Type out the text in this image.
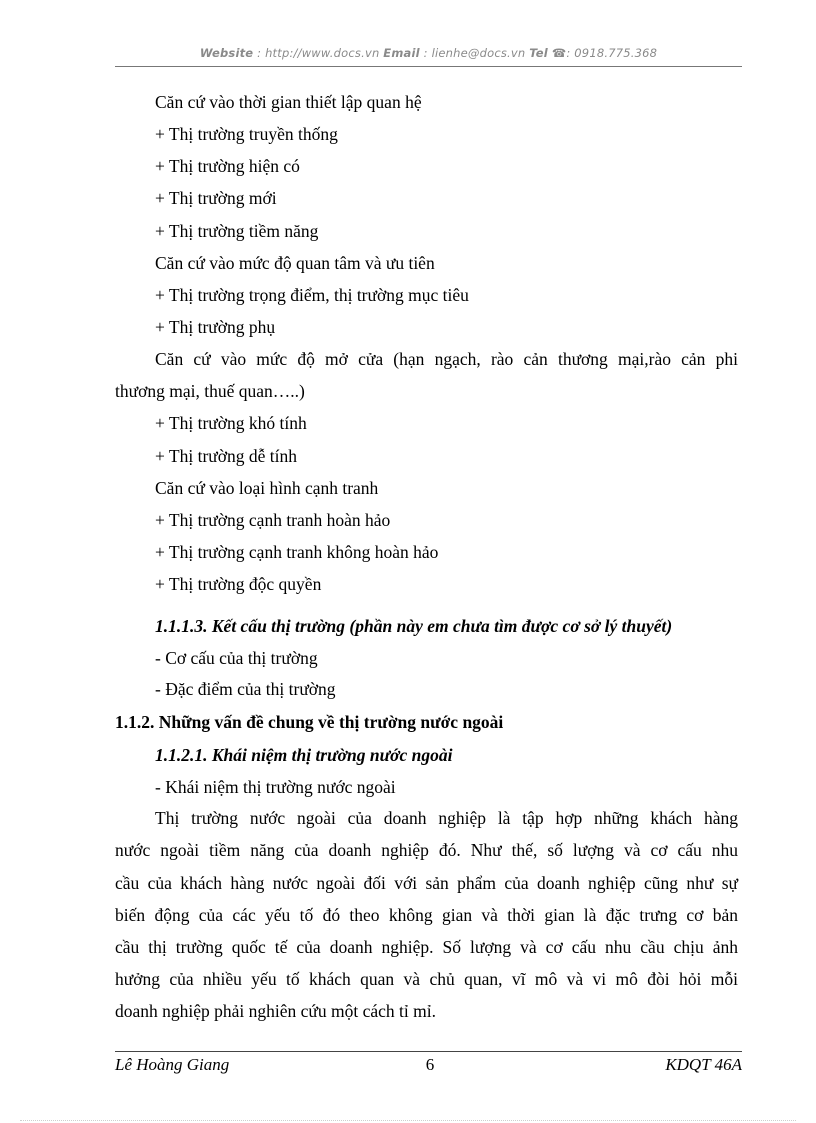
Website : http://www.docs.vn Email : lienhe@docs.vn Tel ☎: 0918.775.368
Căn cứ vào thời gian thiết lập quan hệ
+ Thị trường truyền thống
+ Thị trường hiện có
+ Thị trường mới
+ Thị trường tiềm năng
Căn cứ vào mức độ quan tâm và ưu tiên
+ Thị trường trọng điểm, thị trường mục tiêu
+ Thị trường phụ
Căn cứ vào mức độ mở cửa (hạn ngạch, rào cản thương mại,rào cản phi
thương mại, thuế quan…..)
+ Thị trường khó tính
+ Thị trường dễ tính
Căn cứ vào loại hình cạnh tranh
+ Thị trường cạnh tranh hoàn hảo
+ Thị trường cạnh tranh không hoàn hảo
+ Thị trường độc quyền
1.1.1.3. Kết cấu thị trường (phần này em chưa tìm được cơ sở lý thuyết)
- Cơ cấu của thị trường
- Đặc điểm của thị trường
1.1.2. Những vấn đề chung về thị trường nước ngoài
1.1.2.1. Khái niệm thị trường nước ngoài
- Khái niệm thị trường nước ngoài
Thị trường nước ngoài của doanh nghiệp là tập hợp những khách hàng
nước ngoài tiềm năng của doanh nghiệp đó. Như thế, số lượng và cơ cấu nhu
cầu của khách hàng nước ngoài đối với sản phẩm của doanh nghiệp cũng như sự
biến động của các yếu tố đó theo không gian và thời gian là đặc trưng cơ bản
cầu thị trường quốc tế của doanh nghiệp. Số lượng và cơ cấu nhu cầu chịu ảnh
hưởng của nhiều yếu tố khách quan và chủ quan, vĩ mô và vi mô đòi hỏi mỗi
doanh nghiệp phải nghiên cứu một cách tỉ mỉ.
Lê Hoàng Giang	6	KDQT 46A
